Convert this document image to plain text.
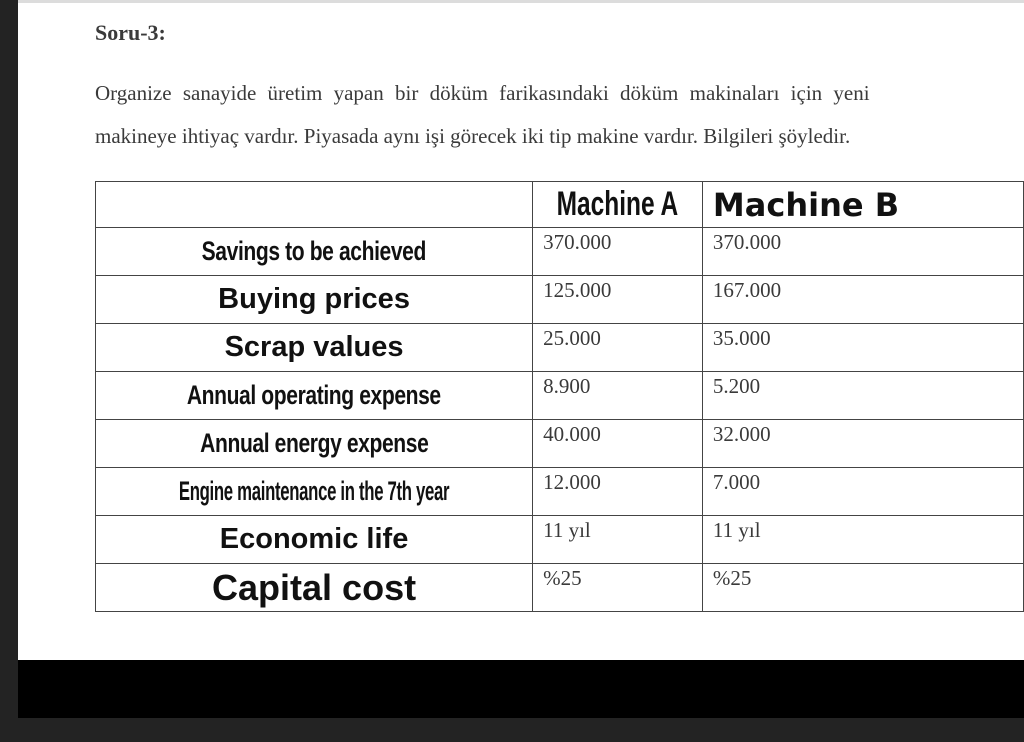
Soru-3:
Organize sanayide üretim yapan bir döküm farikasındaki döküm makinaları için yeni
makineye ihtiyaç vardır. Piyasada aynı işi görecek iki tip makine vardır. Bilgileri şöyledir.
	Machine A	Machine B
Savings to be achieved	370.000	370.000
Buying prices	125.000	167.000
Scrap values	25.000	35.000
Annual operating expense	8.900	5.200
Annual energy expense	40.000	32.000
Engine maintenance in the 7th year	12.000	7.000
Economic life	11 yıl	11 yıl
Capital cost	%25	%25
